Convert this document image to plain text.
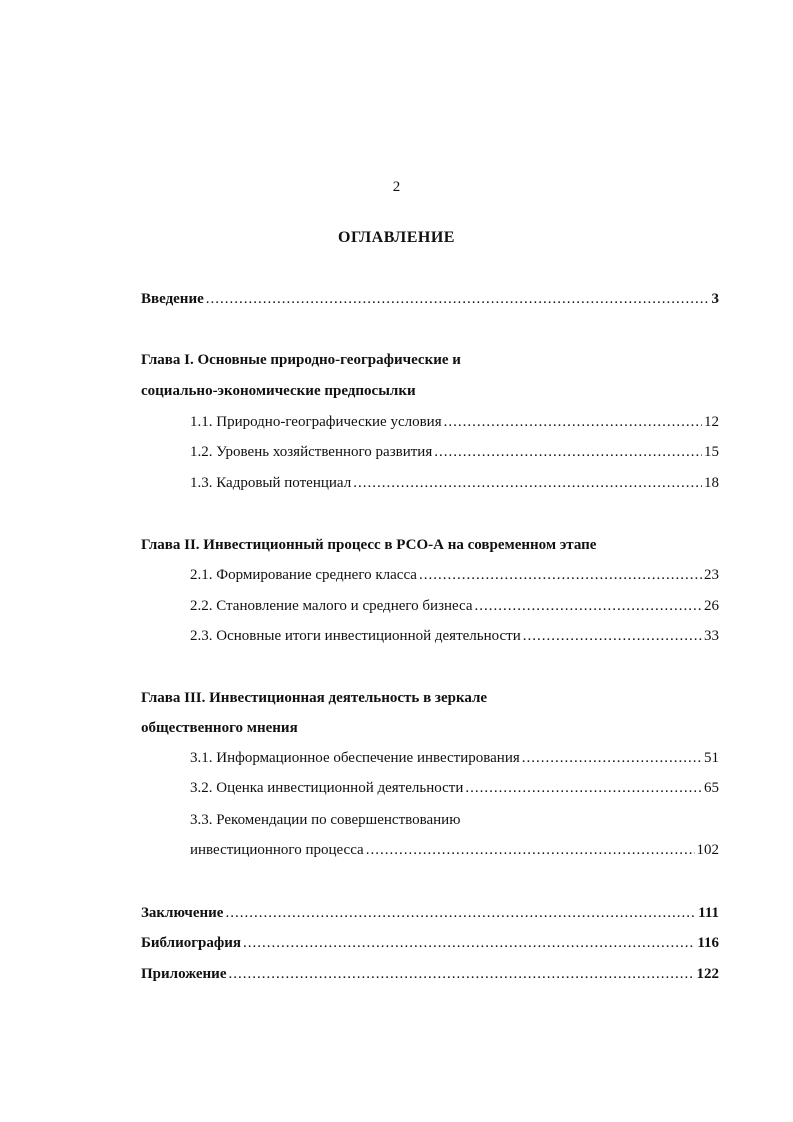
2
ОГЛАВЛЕНИЕ
Введение .....	3
Глава I. Основные природно-географические и
социально-экономические предпосылки
1.1. Природно-географические условия .....	12
1.2. Уровень хозяйственного развития .....	15
1.3. Кадровый потенциал .....	18
Глава II. Инвестиционный процесс в РСО-А на современном этапе
2.1. Формирование среднего класса .....	23
2.2. Становление малого и среднего бизнеса .....	26
2.3. Основные итоги инвестиционной деятельности .....	33
Глава III. Инвестиционная деятельность в зеркале
общественного мнения
3.1. Информационное обеспечение инвестирования .....	51
3.2. Оценка инвестиционной деятельности .....	65
3.3. Рекомендации по совершенствованию
инвестиционного процесса .....	102
Заключение .....	111
Библиография .....	116
Приложение .....	122
